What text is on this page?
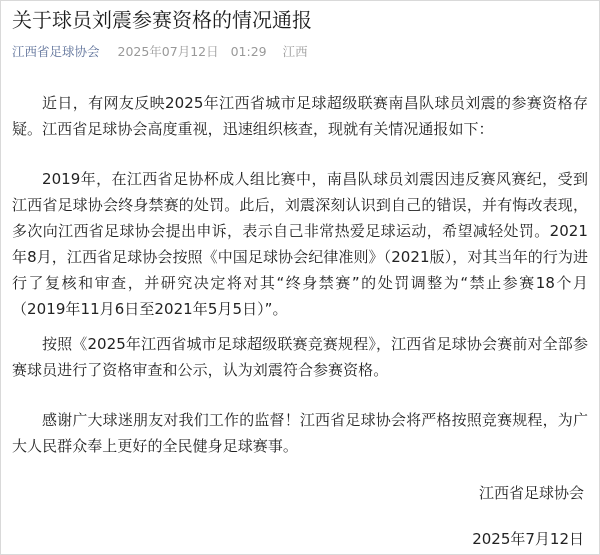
关于球员刘震参赛资格的情况通报
江西省足球协会 2025年07月12日 01:29 江西

近日，有网友反映2025年江西省城市足球超级联赛南昌队球员刘震的参赛资格存疑。江西省足球协会高度重视，迅速组织核查，现就有关情况通报如下：

2019年，在江西省足协杯成人组比赛中，南昌队球员刘震因违反赛风赛纪，受到江西省足球协会终身禁赛的处罚。此后，刘震深刻认识到自己的错误，并有悔改表现，多次向江西省足球协会提出申诉，表示自己非常热爱足球运动，希望减轻处罚。2021年8月，江西省足球协会按照《中国足球协会纪律准则》（2021版），对其当年的行为进行了复核和审查，并研究决定将对其“终身禁赛”的处罚调整为“禁止参赛18个月（2019年11月6日至2021年5月5日）”。

按照《2025年江西省城市足球超级联赛竞赛规程》，江西省足球协会赛前对全部参赛球员进行了资格审查和公示，认为刘震符合参赛资格。

感谢广大球迷朋友对我们工作的监督！江西省足球协会将严格按照竞赛规程，为广大人民群众奉上更好的全民健身足球赛事。

江西省足球协会
2025年7月12日
